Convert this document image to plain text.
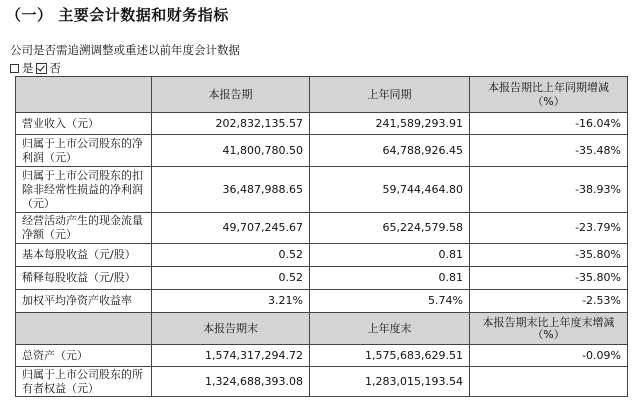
（一） 主要会计数据和财务指标
公司是否需追溯调整或重述以前年度会计数据
是 否
	本报告期	上年同期	本报告期比上年同期增减（%）
营业收入（元）	202,832,135.57	241,589,293.91	-16.04%
归属于上市公司股东的净利润（元）	41,800,780.50	64,788,926.45	-35.48%
归属于上市公司股东的扣除非经常性损益的净利润（元）	36,487,988.65	59,744,464.80	-38.93%
经营活动产生的现金流量净额（元）	49,707,245.67	65,224,579.58	-23.79%
基本每股收益（元/股）	0.52	0.81	-35.80%
稀释每股收益（元/股）	0.52	0.81	-35.80%
加权平均净资产收益率	3.21%	5.74%	-2.53%
	本报告期末	上年度末	本报告期末比上年度末增减（%）
总资产（元）	1,574,317,294.72	1,575,683,629.51	-0.09%
归属于上市公司股东的所有者权益（元）	1,324,688,393.08	1,283,015,193.54	
